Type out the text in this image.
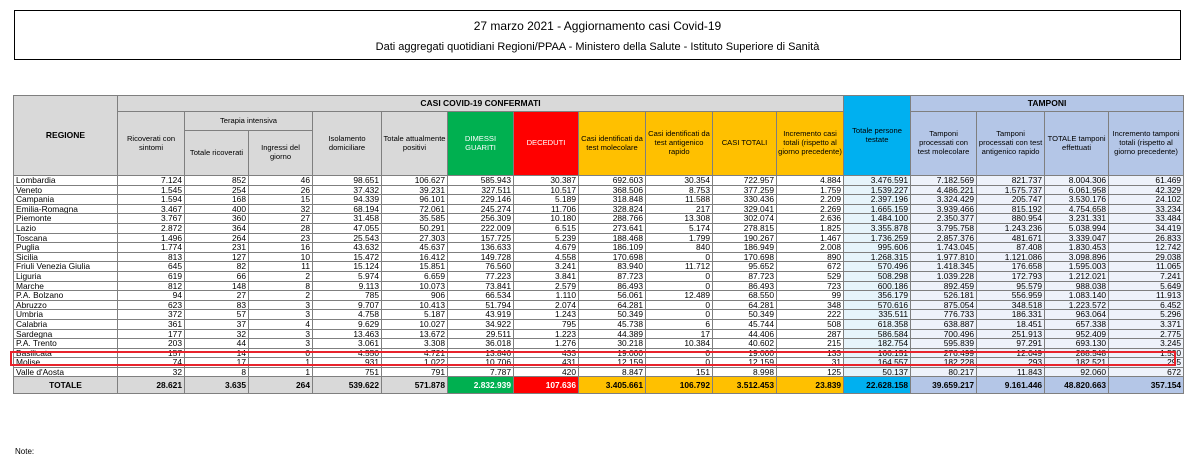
27 marzo 2021 - Aggiornamento casi Covid-19
Dati aggregati quotidiani Regioni/PPAA - Ministero della Salute - Istituto Superiore di Sanità
REGIONE	CASI COVID-19 CONFERMATI											Totale persone testate	TAMPONI			
	Ricoverati con sintomi	Terapia intensiva		Isolamento domiciliare	Totale attualmente positivi	DIMESSI GUARITI	DECEDUTI	Casi identificati da test molecolare	Casi identificati da test antigenico rapido	CASI TOTALI	Incremento casi totali (rispetto al giorno precedente)		Tamponi processati con test molecolare	Tamponi processati con test antigenico rapido	TOTALE tamponi effettuati	Incremento tamponi totali (rispetto al giorno precedente)
		Totale ricoverati	Ingressi del giorno													
Lombardia	7.124	852	46	98.651	106.627	585.943	30.387	692.603	30.354	722.957	4.884	3.476.591	7.182.569	821.737	8.004.306	61.469
Veneto	1.545	254	26	37.432	39.231	327.511	10.517	368.506	8.753	377.259	1.759	1.539.227	4.486.221	1.575.737	6.061.958	42.329
Campania	1.594	168	15	94.339	96.101	229.146	5.189	318.848	11.588	330.436	2.209	2.397.196	3.324.429	205.747	3.530.176	24.102
Emilia-Romagna	3.467	400	32	68.194	72.061	245.274	11.706	328.824	217	329.041	2.269	1.665.159	3.939.466	815.192	4.754.658	33.234
Piemonte	3.767	360	27	31.458	35.585	256.309	10.180	288.766	13.308	302.074	2.636	1.484.100	2.350.377	880.954	3.231.331	33.484
Lazio	2.872	364	28	47.055	50.291	222.009	6.515	273.641	5.174	278.815	1.825	3.355.878	3.795.758	1.243.236	5.038.994	34.419
Toscana	1.496	264	23	25.543	27.303	157.725	5.239	188.468	1.799	190.267	1.467	1.736.259	2.857.376	481.671	3.339.047	26.833
Puglia	1.774	231	16	43.632	45.637	136.633	4.679	186.109	840	186.949	2.008	995.606	1.743.045	87.408	1.830.453	12.742
Sicilia	813	127	10	15.472	16.412	149.728	4.558	170.698	0	170.698	890	1.268.315	1.977.810	1.121.086	3.098.896	29.038
Friuli Venezia Giulia	645	82	11	15.124	15.851	76.560	3.241	83.940	11.712	95.652	672	570.496	1.418.345	176.658	1.595.003	11.065
Liguria	619	66	2	5.974	6.659	77.223	3.841	87.723	0	87.723	529	508.298	1.039.228	172.793	1.212.021	7.241
Marche	812	148	8	9.113	10.073	73.841	2.579	86.493	0	86.493	723	600.186	892.459	95.579	988.038	5.649
P.A. Bolzano	94	27	2	785	906	66.534	1.110	56.061	12.489	68.550	99	356.179	526.181	556.959	1.083.140	11.913
Abruzzo	623	83	3	9.707	10.413	51.794	2.074	64.281	0	64.281	348	570.616	875.054	348.518	1.223.572	6.452
Umbria	372	57	3	4.758	5.187	43.919	1.243	50.349	0	50.349	222	335.511	776.733	186.331	963.064	5.296
Calabria	361	37	4	9.629	10.027	34.922	795	45.738	6	45.744	508	618.358	638.887	18.451	657.338	3.371
Sardegna	177	32	3	13.463	13.672	29.511	1.223	44.389	17	44.406	287	586.584	700.496	251.913	952.409	2.775
P.A. Trento	203	44	3	3.061	3.308	36.018	1.276	30.218	10.384	40.602	215	182.754	595.839	97.291	693.130	3.245
Basilicata	157	14	0	4.550	4.721	13.846	433	19.000	0	19.000	133	166.151	276.499	12.049	288.548	1.530
Molise	74	17	1	931	1.022	10.706	431	12.159	0	12.159	31	164.557	182.228	293	182.521	295
Valle d'Aosta	32	8	1	751	791	7.787	420	8.847	151	8.998	125	50.137	80.217	11.843	92.060	672
TOTALE	28.621	3.635	264	539.622	571.878	2.832.939	107.636	3.405.661	106.792	3.512.453	23.839	22.628.158	39.659.217	9.161.446	48.820.663	357.154
Note:
